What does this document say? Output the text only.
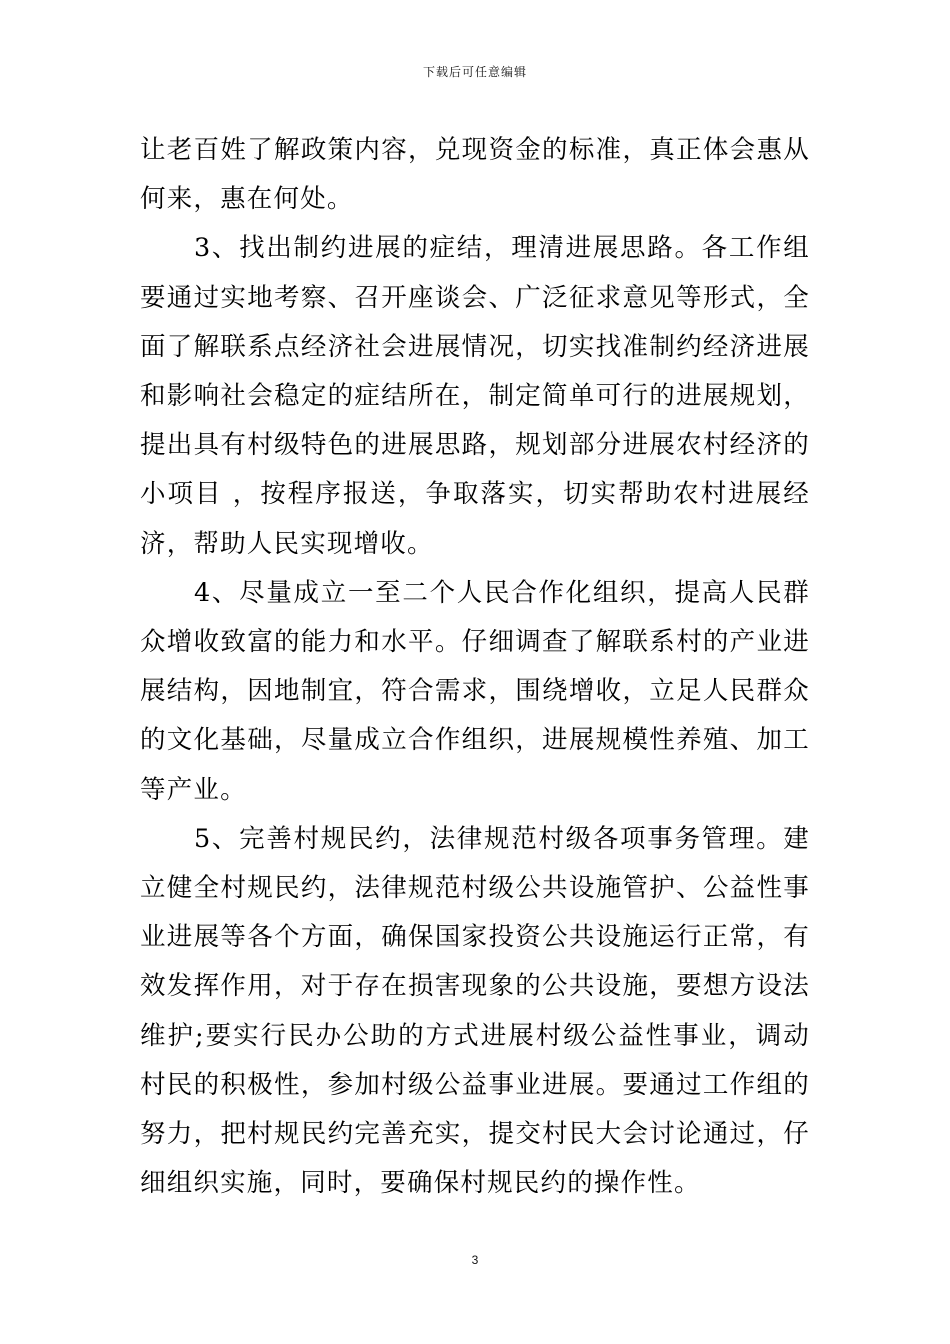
下载后可任意编辑

让老百姓了解政策内容，兑现资金的标准，真正体会惠从何来，惠在何处。

3、找出制约进展的症结，理清进展思路。各工作组要通过实地考察、召开座谈会、广泛征求意见等形式，全面了解联系点经济社会进展情况，切实找准制约经济进展和影响社会稳定的症结所在，制定简单可行的进展规划，提出具有村级特色的进展思路，规划部分进展农村经济的小项目 ，按程序报送，争取落实，切实帮助农村进展经济，帮助人民实现增收。

4、尽量成立一至二个人民合作化组织，提高人民群众增收致富的能力和水平。仔细调查了解联系村的产业进展结构，因地制宜，符合需求，围绕增收，立足人民群众的文化基础，尽量成立合作组织，进展规模性养殖、加工等产业。

5、完善村规民约，法律规范村级各项事务管理。建立健全村规民约，法律规范村级公共设施管护、公益性事业进展等各个方面，确保国家投资公共设施运行正常，有效发挥作用，对于存在损害现象的公共设施，要想方设法维护;要实行民办公助的方式进展村级公益性事业，调动村民的积极性，参加村级公益事业进展。要通过工作组的努力，把村规民约完善充实，提交村民大会讨论通过，仔细组织实施，同时，要确保村规民约的操作性。

3
